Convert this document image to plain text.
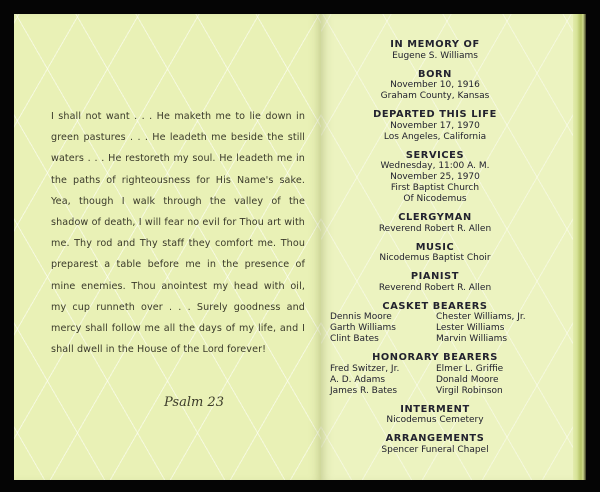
I shall not want . . . He maketh me to lie down in green pastures . . . He leadeth me beside the still waters . . . He restoreth my soul. He leadeth me in the paths of righteousness for His Name's sake. Yea, though I walk through the valley of the shadow of death, I will fear no evil for Thou art with me. Thy rod and Thy staff they comfort me. Thou preparest a table before me in the presence of mine enemies. Thou anointest my head with oil, my cup runneth over . . . Surely goodness and mercy shall follow me all the days of my life, and I shall dwell in the House of the Lord forever!
Psalm 23
IN MEMORY OF
Eugene S. Williams
BORN
November 10, 1916
Graham County, Kansas
DEPARTED THIS LIFE
November 17, 1970
Los Angeles, California
SERVICES
Wednesday, 11:00 A. M.
November 25, 1970
First Baptist Church
Of Nicodemus
CLERGYMAN
Reverend Robert R. Allen
MUSIC
Nicodemus Baptist Choir
PIANIST
Reverend Robert R. Allen
CASKET BEARERS
Dennis Moore	Chester Williams, Jr.
Garth Williams	Lester Williams
Clint Bates	Marvin Williams
HONORARY BEARERS
Fred Switzer, Jr.	Elmer L. Griffie
A. D. Adams	Donald Moore
James R. Bates	Virgil Robinson
INTERMENT
Nicodemus Cemetery
ARRANGEMENTS
Spencer Funeral Chapel
